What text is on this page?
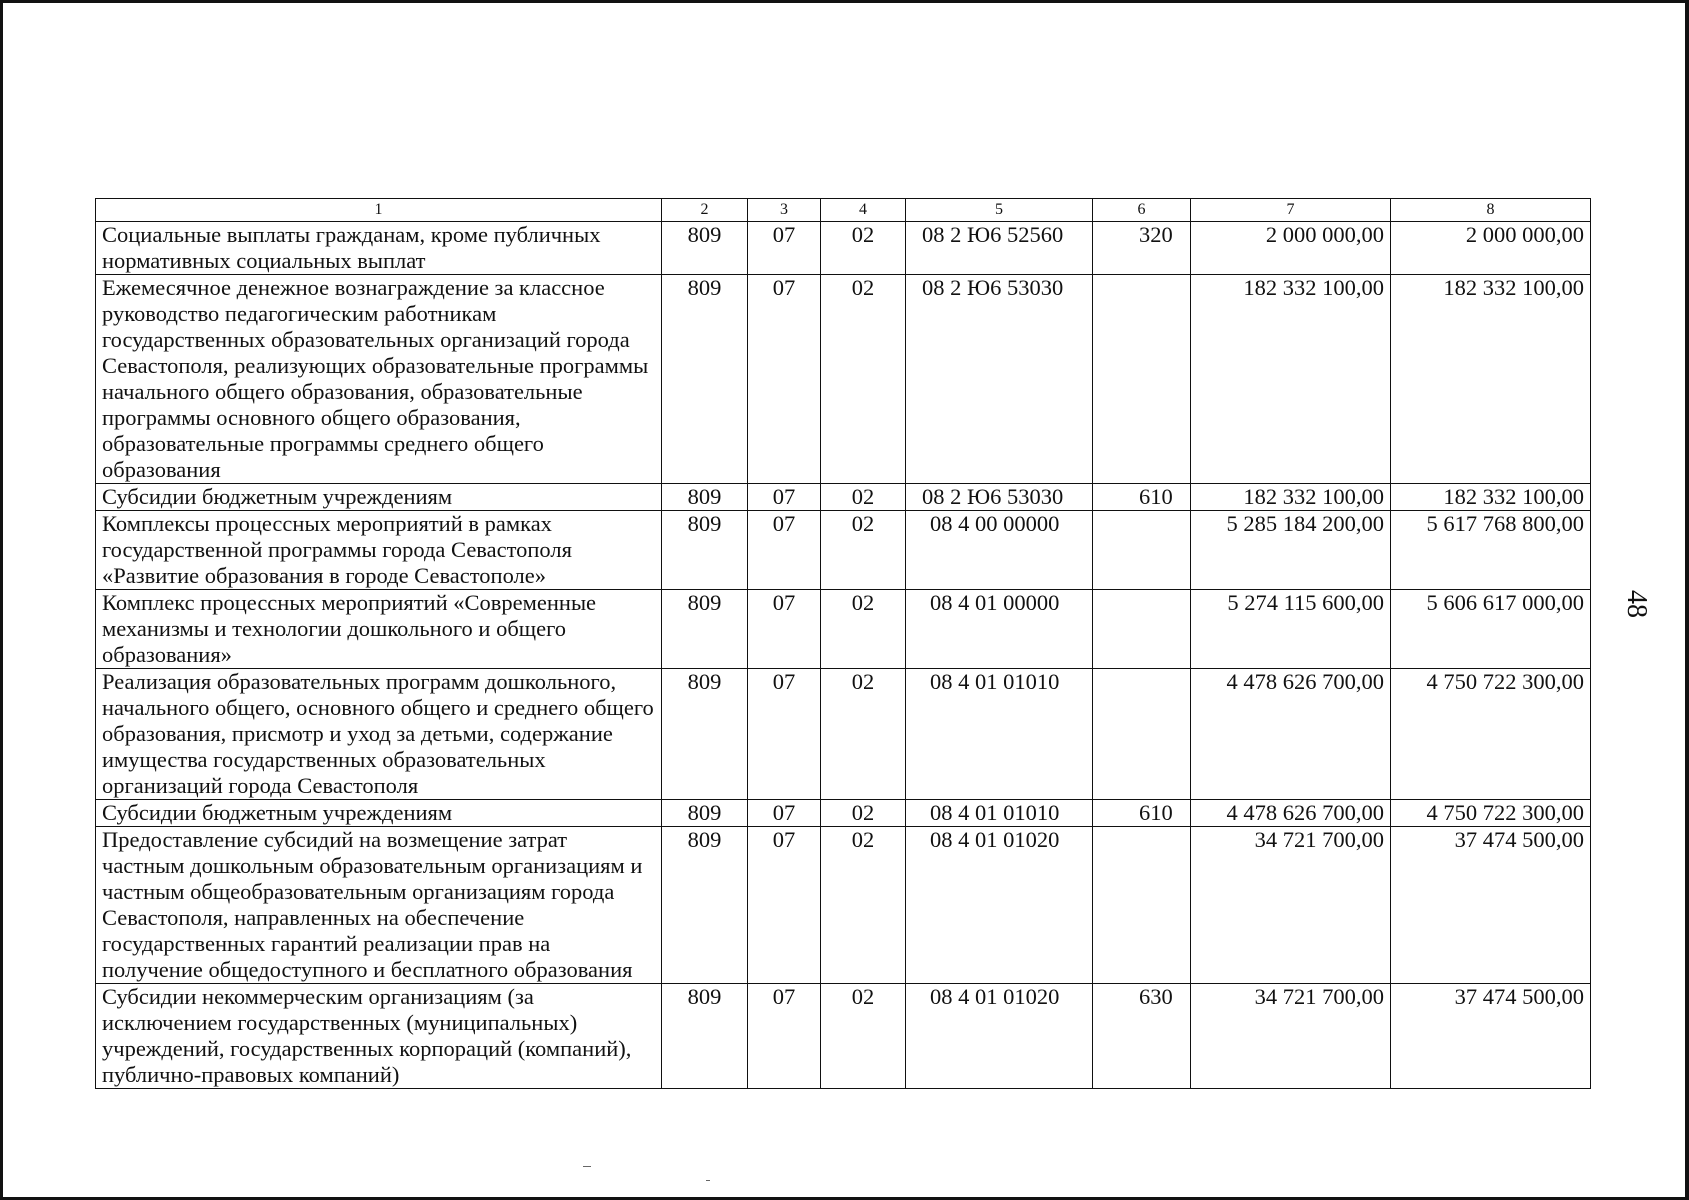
1	2	3	4	5	6	7	8
Социальные выплаты гражданам, кроме публичных нормативных социальных выплат	809	07	02	08 2 Ю6 52560	320	2 000 000,00	2 000 000,00
Ежемесячное денежное вознаграждение за классное руководство педагогическим работникам государственных образовательных организаций города Севастополя, реализующих образовательные программы начального общего образования, образовательные программы основного общего образования, образовательные программы среднего общего образования	809	07	02	08 2 Ю6 53030		182 332 100,00	182 332 100,00
Субсидии бюджетным учреждениям	809	07	02	08 2 Ю6 53030	610	182 332 100,00	182 332 100,00
Комплексы процессных мероприятий в рамках государственной программы города Севастополя «Развитие образования в городе Севастополе»	809	07	02	08 4 00 00000		5 285 184 200,00	5 617 768 800,00
Комплекс процессных мероприятий «Современные механизмы и технологии дошкольного и общего образования»	809	07	02	08 4 01 00000		5 274 115 600,00	5 606 617 000,00
Реализация образовательных программ дошкольного, начального общего, основного общего и среднего общего образования, присмотр и уход за детьми, содержание имущества государственных образовательных организаций города Севастополя	809	07	02	08 4 01 01010		4 478 626 700,00	4 750 722 300,00
Субсидии бюджетным учреждениям	809	07	02	08 4 01 01010	610	4 478 626 700,00	4 750 722 300,00
Предоставление субсидий на возмещение затрат частным дошкольным образовательным организациям и частным общеобразовательным организациям города Севастополя, направленных на обеспечение государственных гарантий реализации прав на получение общедоступного и бесплатного образования	809	07	02	08 4 01 01020		34 721 700,00	37 474 500,00
Субсидии некоммерческим организациям (за исключением государственных (муниципальных) учреждений, государственных корпораций (компаний), публично-правовых компаний)	809	07	02	08 4 01 01020	630	34 721 700,00	37 474 500,00
48
